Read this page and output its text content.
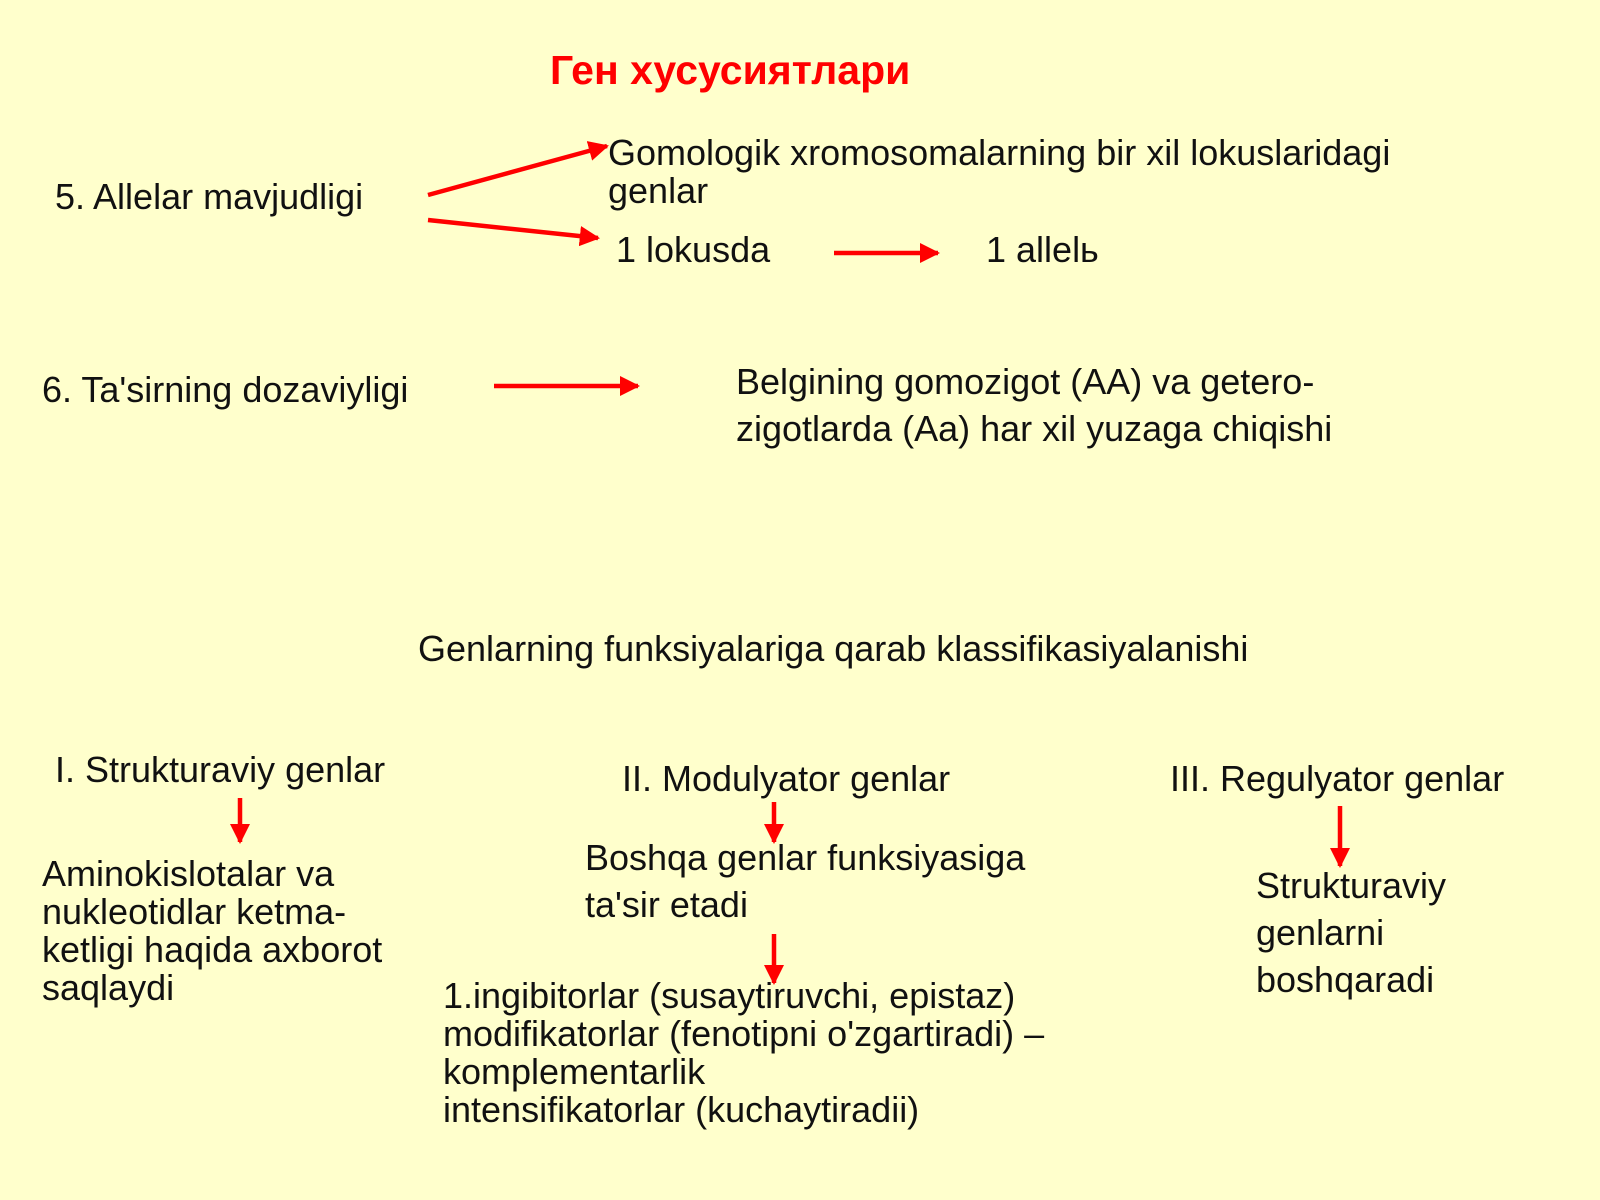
Ген хусусиятлари
5. Allelar mavjudligi
Gomologik xromosomalarning bir xil lokuslaridagi
genlar
1 lokusda	1 allelь
6. Ta'sirning dozaviyligi	Belgining gomozigot (AA) va getero-
zigotlarda (Aa) har xil yuzaga chiqishi
Genlarning funksiyalariga qarab klassifikasiyalanishi
I. Strukturaviy genlar
Aminokislotalar va
nukleotidlar ketma-
ketligi haqida axborot
saqlaydi
II. Modulyator genlar
Boshqa genlar funksiyasiga
ta'sir etadi
1.ingibitorlar (susaytiruvchi, epistaz)
modifikatorlar (fenotipni o'zgartiradi) –
komplementarlik
intensifikatorlar (kuchaytiradii)
III. Regulyator genlar
Strukturaviy
genlarni
boshqaradi
